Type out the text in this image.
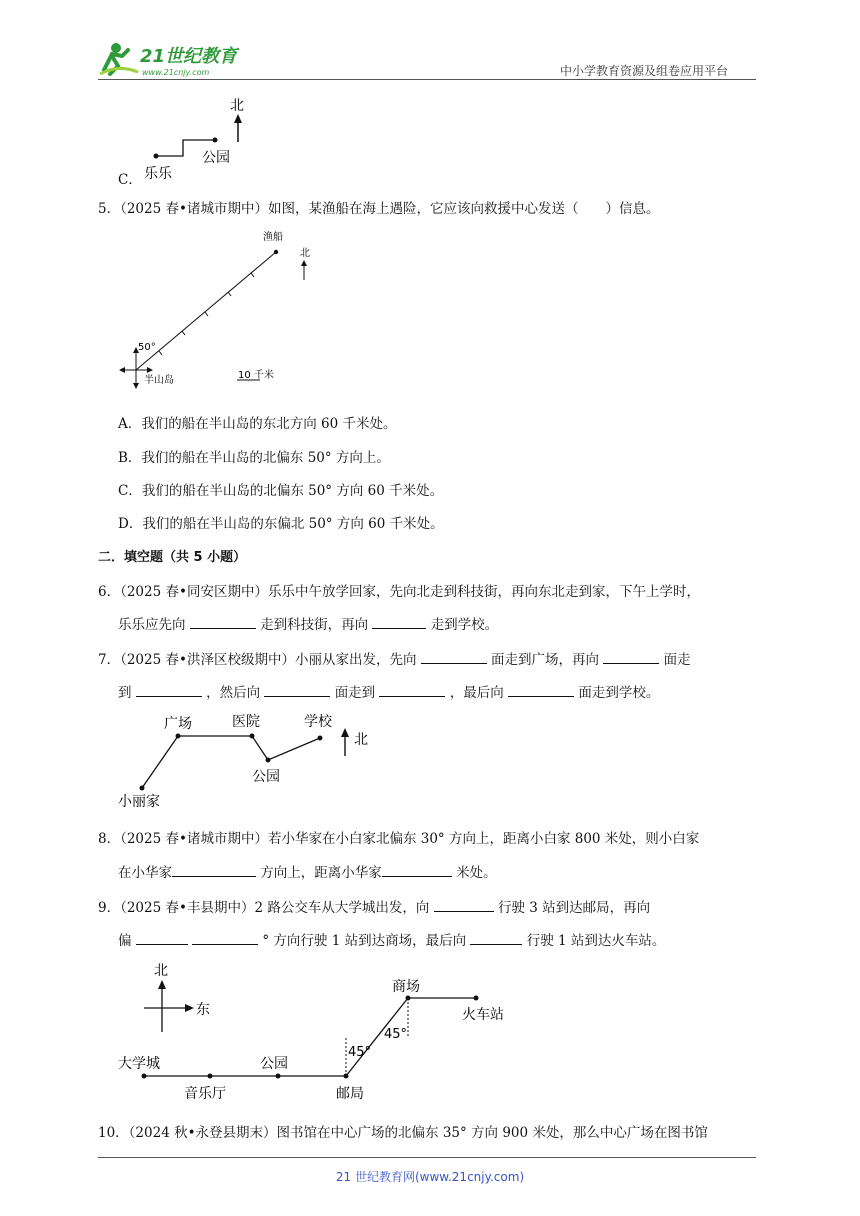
21世纪教育
www.21cnjy.com	中小学教育资源及组卷应用平台
C．
北
公园
乐乐
5．（2025 春•诸城市期中）如图，某渔船在海上遇险，它应该向救援中心发送（　　）信息。
渔船
北
50°
半山岛	10 千米
A．我们的船在半山岛的东北方向 60 千米处。
B．我们的船在半山岛的北偏东 50° 方向上。
C．我们的船在半山岛的北偏东 50° 方向 60 千米处。
D．我们的船在半山岛的东偏北 50° 方向 60 千米处。
二．填空题（共 5 小题）
6．（2025 春•同安区期中）乐乐中午放学回家，先向北走到科技街，再向东北走到家，下午上学时，
乐乐应先向	走到科技街，再向	走到学校。
7．（2025 春•洪泽区校级期中）小丽从家出发，先向	面走到广场，再向	面走
到	，然后向	面走到	，最后向	面走到学校。
广场	医院	学校
北
公园
小丽家
8．（2025 春•诸城市期中）若小华家在小白家北偏东 30° 方向上，距离小白家 800 米处，则小白家
在小华家	方向上，距离小华家	米处。
9．（2025 春•丰县期中）2 路公交车从大学城出发，向	行驶 3 站到达邮局，再向
偏	° 方向行驶 1 站到达商场，最后向	行驶 1 站到达火车站。
北
东
商场
火车站
45°
45°
大学城	公园
音乐厅	邮局
10．（2024 秋•永登县期末）图书馆在中心广场的北偏东 35° 方向 900 米处，那么中心广场在图书馆
21 世纪教育网(www.21cnjy.com)
